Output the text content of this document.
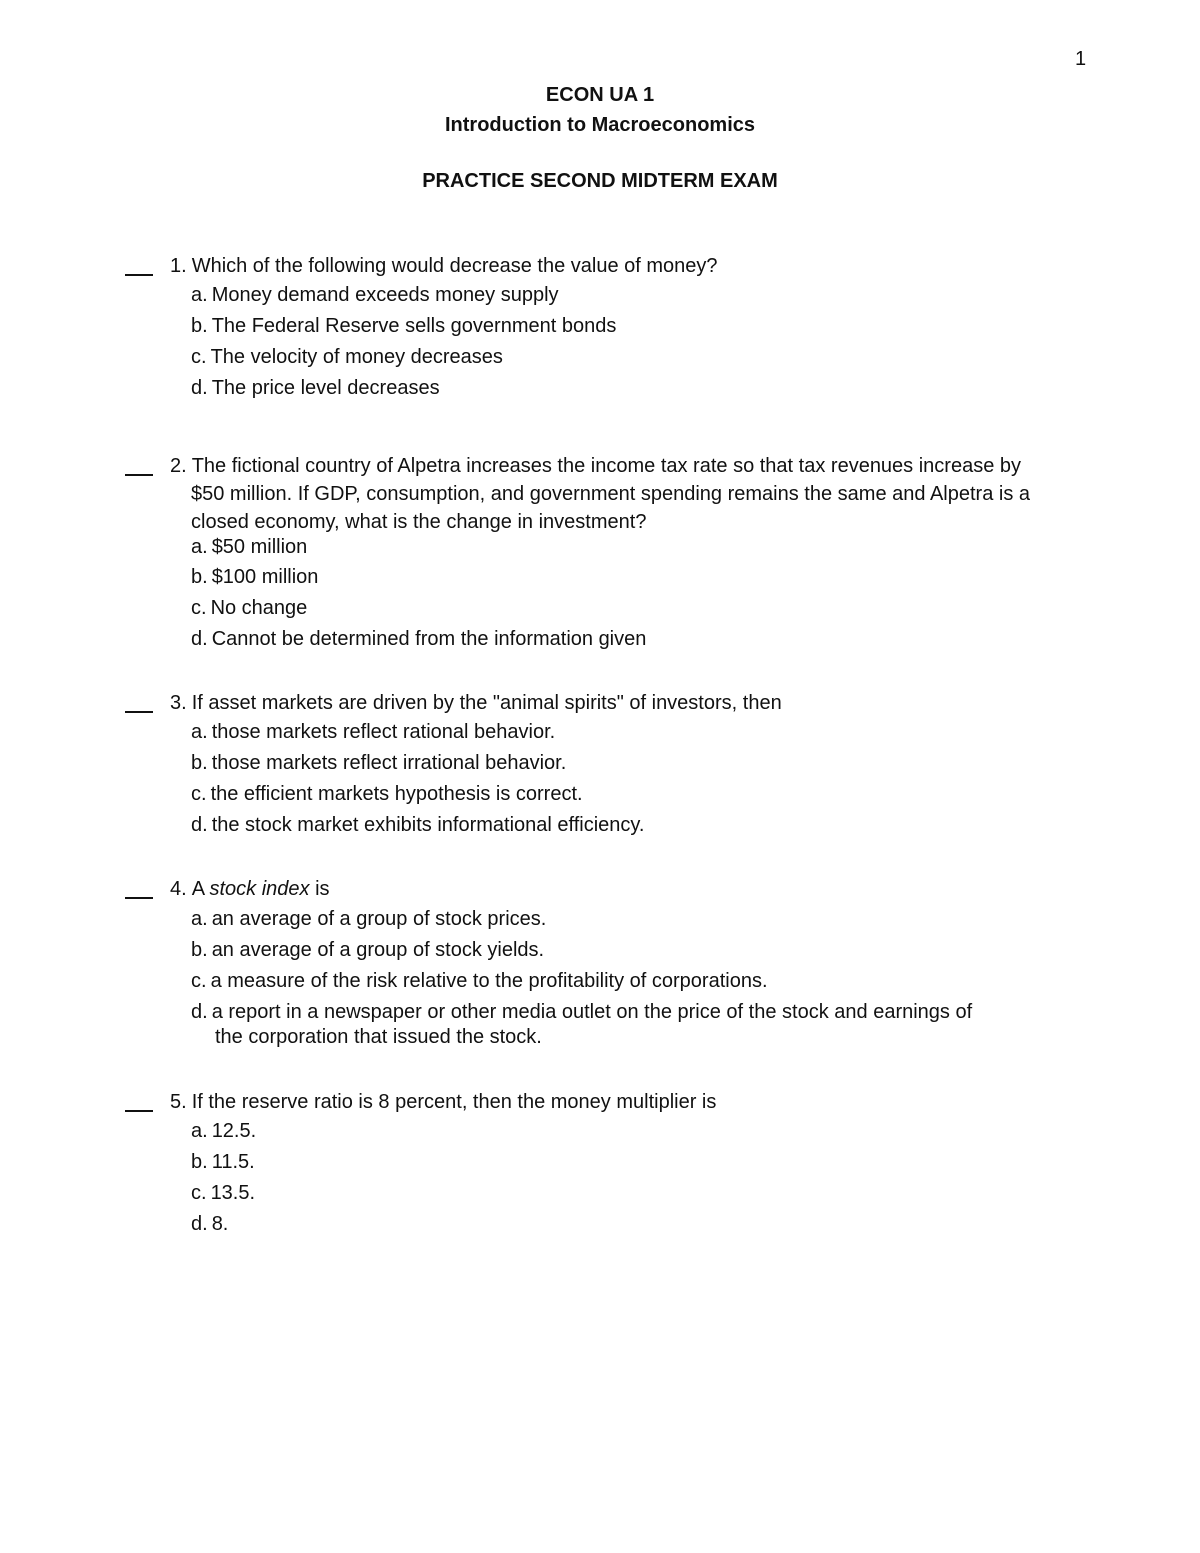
1
ECON UA 1
Introduction to Macroeconomics
PRACTICE SECOND MIDTERM EXAM
1. Which of the following would decrease the value of money?
a. Money demand exceeds money supply
b. The Federal Reserve sells government bonds
c. The velocity of money decreases
d. The price level decreases
2. The fictional country of Alpetra increases the income tax rate so that tax revenues increase by
$50 million. If GDP, consumption, and government spending remains the same and Alpetra is a
closed economy, what is the change in investment?
a. $50 million
b. $100 million
c. No change
d. Cannot be determined from the information given
3. If asset markets are driven by the "animal spirits" of investors, then
a. those markets reflect rational behavior.
b. those markets reflect irrational behavior.
c. the efficient markets hypothesis is correct.
d. the stock market exhibits informational efficiency.
4. A stock index is
a. an average of a group of stock prices.
b. an average of a group of stock yields.
c. a measure of the risk relative to the profitability of corporations.
d. a report in a newspaper or other media outlet on the price of the stock and earnings of
the corporation that issued the stock.
5. If the reserve ratio is 8 percent, then the money multiplier is
a. 12.5.
b. 11.5.
c. 13.5.
d. 8.
